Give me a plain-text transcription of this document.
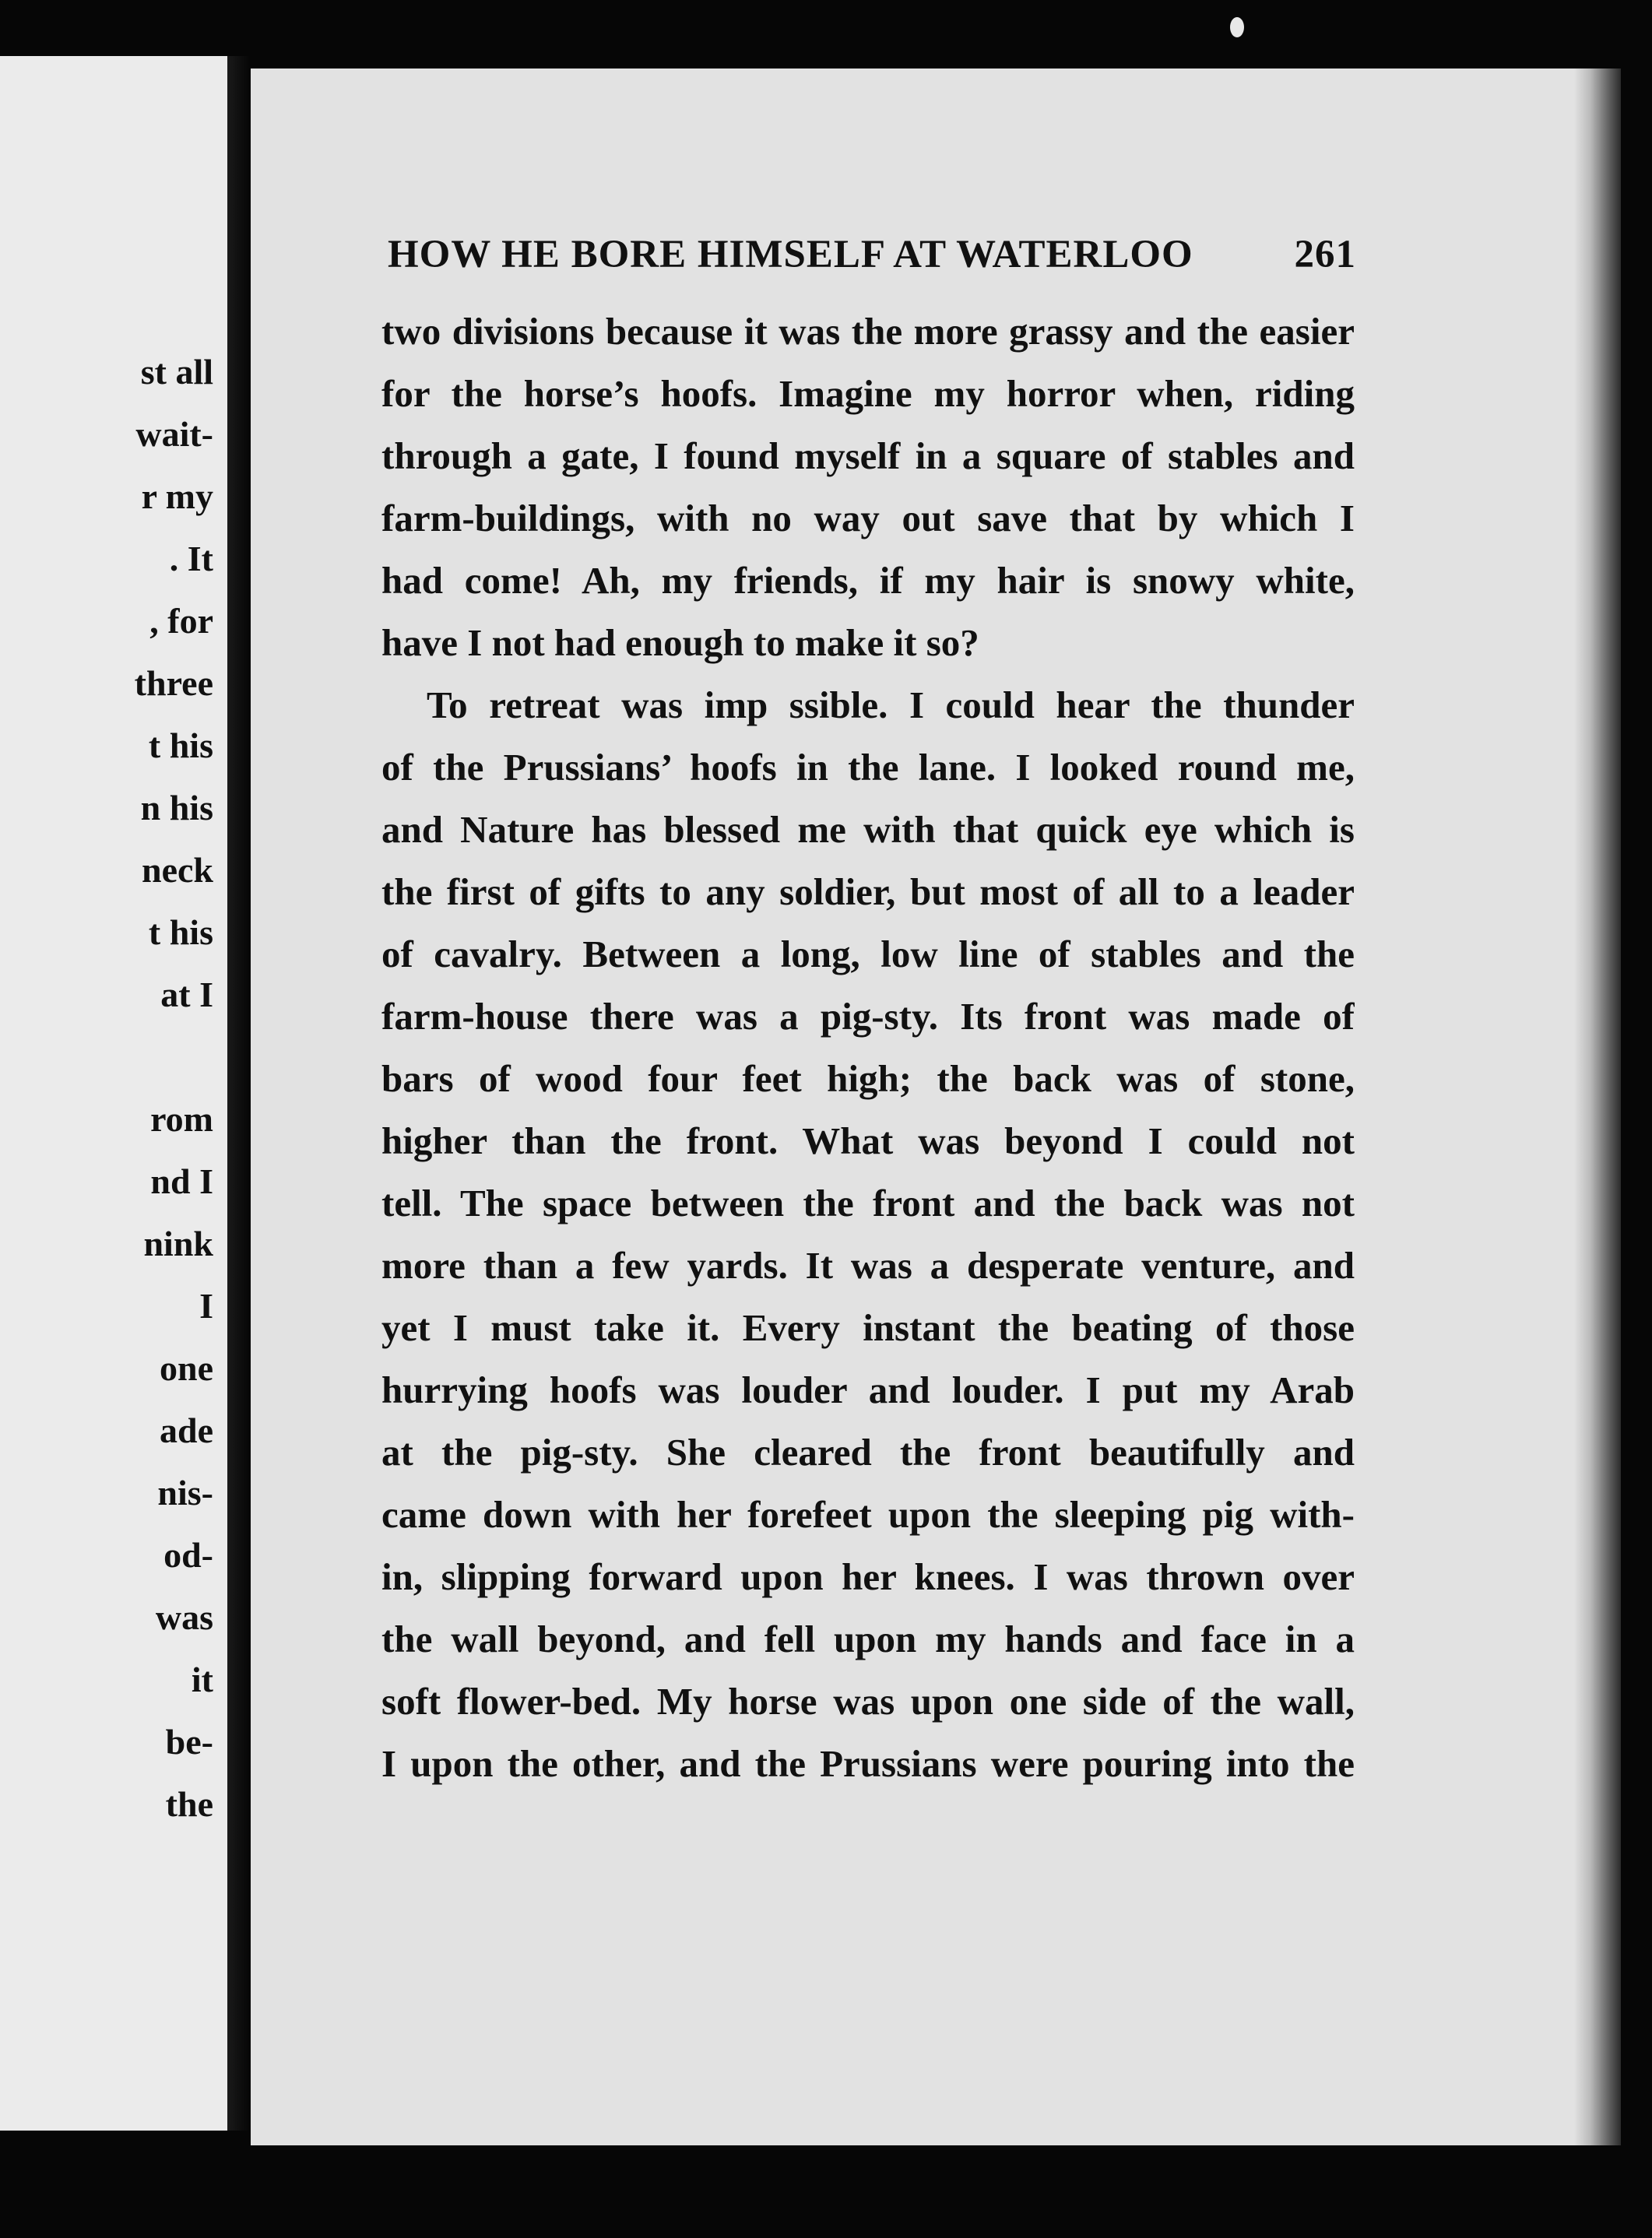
st all

wait-

r my

. It

, for

three

t his

n his

neck

t his

at I

rom

nd I

nink

I

one

ade

nis-

od-

was

it

be-

the

HOW HE BORE HIMSELF AT WATERLOO	261

two divisions because it was the more grassy and the easier

for the horse’s hoofs. Imagine my horror when, riding

through a gate, I found myself in a square of stables and

farm-buildings, with no way out save that by which I

had come! Ah, my friends, if my hair is snowy white,

have I not had enough to make it so?

To retreat was imp ssible. I could hear the thunder

of the Prussians’ hoofs in the lane. I looked round me,

and Nature has blessed me with that quick eye which is

the first of gifts to any soldier, but most of all to a leader

of cavalry. Between a long, low line of stables and the

farm-house there was a pig-sty. Its front was made of

bars of wood four feet high; the back was of stone,

higher than the front. What was beyond I could not

tell. The space between the front and the back was not

more than a few yards. It was a desperate venture, and

yet I must take it. Every instant the beating of those

hurrying hoofs was louder and louder. I put my Arab

at the pig-sty. She cleared the front beautifully and

came down with her forefeet upon the sleeping pig with-

in, slipping forward upon her knees. I was thrown over

the wall beyond, and fell upon my hands and face in a

soft flower-bed. My horse was upon one side of the wall,

I upon the other, and the Prussians were pouring into the
